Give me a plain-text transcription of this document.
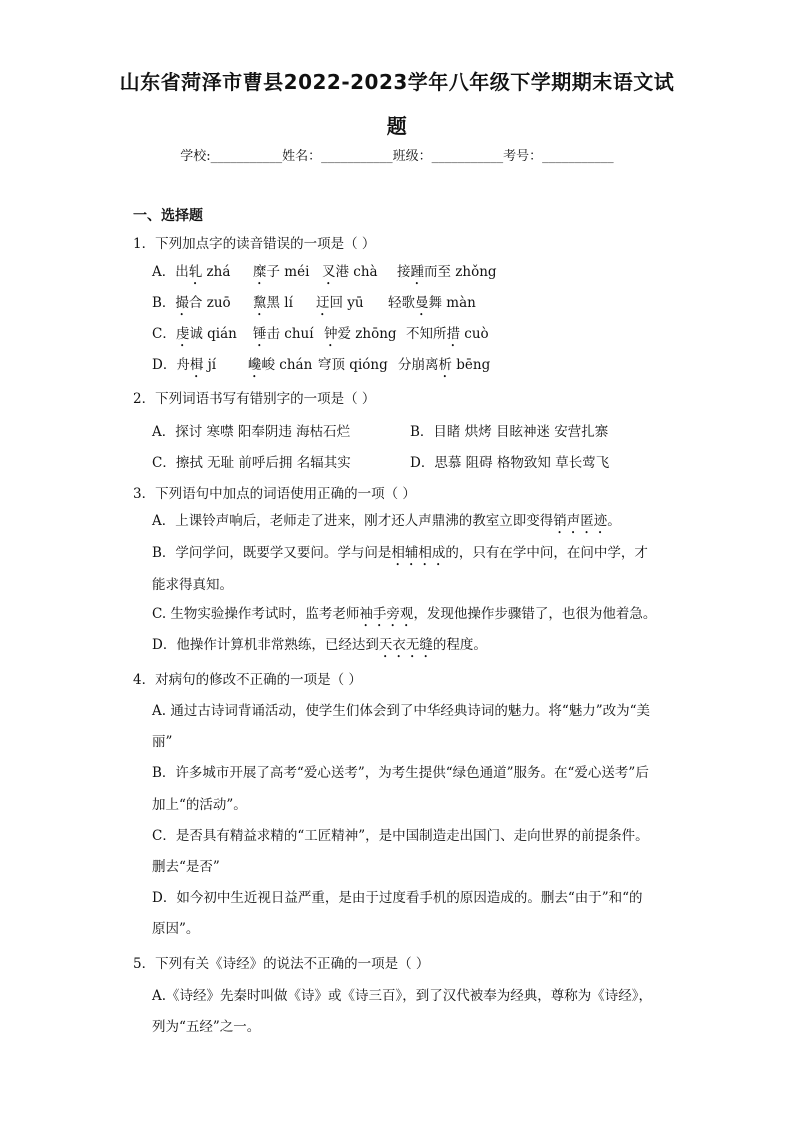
山东省菏泽市曹县2022-2023学年八年级下学期期末语文试
题
学校:___________姓名：___________班级：___________考号：___________
一、选择题
1．下列加点字的读音错误的一项是（ ）
A．出轧 zhá 糜子 méi 叉港 chà 接踵而至 zhǒng
B．撮合 zuō 黧黑 lí 迂回 yū 轻歌曼舞 màn
C．虔诚 qián 锤击 chuí 钟爱 zhōng 不知所措 cuò
D．舟楫 jí 巉峻 chán 穹顶 qióng 分崩离析 bēng
2．下列词语书写有错别字的一项是（ ）
A．探讨 寒噤 阳奉阴违 海枯石烂	B．目睹 烘烤 目眩神迷 安营扎寨
C．擦拭 无耻 前呼后拥 名辐其实	D．思慕 阻碍 格物致知 草长莺飞
3．下列语句中加点的词语使用正确的一项（ ）
A．上课铃声响后，老师走了进来，刚才还人声鼎沸的教室立即变得销声匿迹。
B．学问学问，既要学又要问。学与问是相辅相成的，只有在学中问，在问中学，才
能求得真知。
C. 生物实验操作考试时，监考老师袖手旁观，发现他操作步骤错了，也很为他着急。
D．他操作计算机非常熟练，已经达到天衣无缝的程度。
4．对病句的修改不正确的一项是（ ）
A. 通过古诗词背诵活动，使学生们体会到了中华经典诗词的魅力。将“魅力”改为“美
丽”
B．许多城市开展了高考“爱心送考”，为考生提供“绿色通道”服务。在“爱心送考”后
加上“的活动”。
C．是否具有精益求精的“工匠精神”，是中国制造走出国门、走向世界的前提条件。
删去“是否”
D．如今初中生近视日益严重，是由于过度看手机的原因造成的。删去“由于”和“的
原因”。
5．下列有关《诗经》的说法不正确的一项是（ ）
A.《诗经》先秦时叫做《诗》或《诗三百》，到了汉代被奉为经典，尊称为《诗经》，
列为“五经”之一。
